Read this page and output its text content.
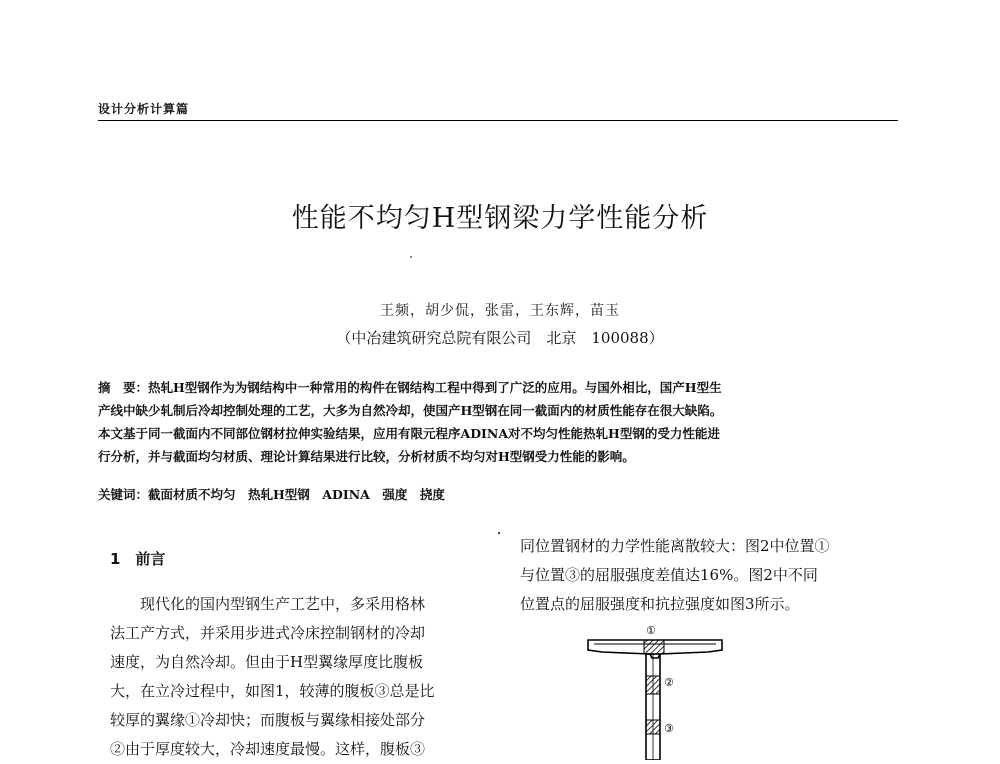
设计分析计算篇
性能不均匀H型钢梁力学性能分析
王频，胡少侃，张雷，王东辉，苗玉
（中冶建筑研究总院有限公司　北京　100088）
摘　要：热轧H型钢作为为钢结构中一种常用的构件在钢结构工程中得到了广泛的应用。与国外相比，国产H型生
产线中缺少轧制后冷却控制处理的工艺，大多为自然冷却，使国产H型钢在同一截面内的材质性能存在很大缺陷。
本文基于同一截面内不同部位钢材拉伸实验结果，应用有限元程序ADINA对不均匀性能热轧H型钢的受力性能进
行分析，并与截面均匀材质、理论计算结果进行比较，分析材质不均匀对H型钢受力性能的影响。
关键词：截面材质不均匀　热轧H型钢　ADINA　强度　挠度
1　前言
　　现代化的国内型钢生产工艺中，多采用格林
法工产方式，并采用步进式冷床控制钢材的冷却
速度，为自然冷却。但由于H型翼缘厚度比腹板
大，在立冷过程中，如图1，较薄的腹板③总是比
较厚的翼缘①冷却快；而腹板与翼缘相接处部分
②由于厚度较大，冷却速度最慢。这样，腹板③
同位置钢材的力学性能离散较大：图2中位置①
与位置③的屈服强度差值达16%。图2中不同
位置点的屈服强度和抗拉强度如图3所示。
①
②
③
